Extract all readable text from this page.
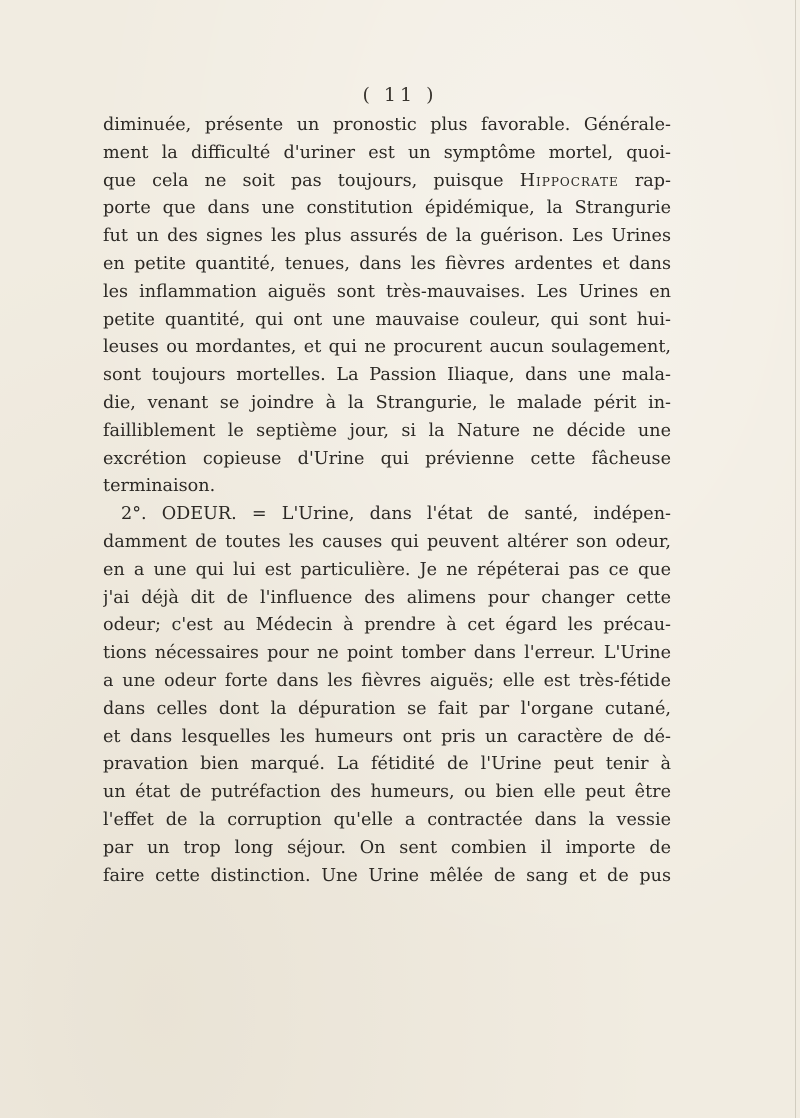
( 11 )
diminuée, présente un pronostic plus favorable. Générale-
ment la difficulté d'uriner est un symptôme mortel, quoi-
que cela ne soit pas toujours, puisque Hippocrate rap-
porte que dans une constitution épidémique, la Strangurie
fut un des signes les plus assurés de la guérison. Les Urines
en petite quantité, tenues, dans les fièvres ardentes et dans
les inflammation aiguës sont très-mauvaises. Les Urines en
petite quantité, qui ont une mauvaise couleur, qui sont hui-
leuses ou mordantes, et qui ne procurent aucun soulagement,
sont toujours mortelles. La Passion Iliaque, dans une mala-
die, venant se joindre à la Strangurie, le malade périt in-
failliblement le septième jour, si la Nature ne décide une
excrétion copieuse d'Urine qui prévienne cette fâcheuse
terminaison.
2°. ODEUR. = L'Urine, dans l'état de santé, indépen-
damment de toutes les causes qui peuvent altérer son odeur,
en a une qui lui est particulière. Je ne répéterai pas ce que
j'ai déjà dit de l'influence des alimens pour changer cette
odeur; c'est au Médecin à prendre à cet égard les précau-
tions nécessaires pour ne point tomber dans l'erreur. L'Urine
a une odeur forte dans les fièvres aiguës; elle est très-fétide
dans celles dont la dépuration se fait par l'organe cutané,
et dans lesquelles les humeurs ont pris un caractère de dé-
pravation bien marqué. La fétidité de l'Urine peut tenir à
un état de putréfaction des humeurs, ou bien elle peut être
l'effet de la corruption qu'elle a contractée dans la vessie
par un trop long séjour. On sent combien il importe de
faire cette distinction. Une Urine mêlée de sang et de pus
